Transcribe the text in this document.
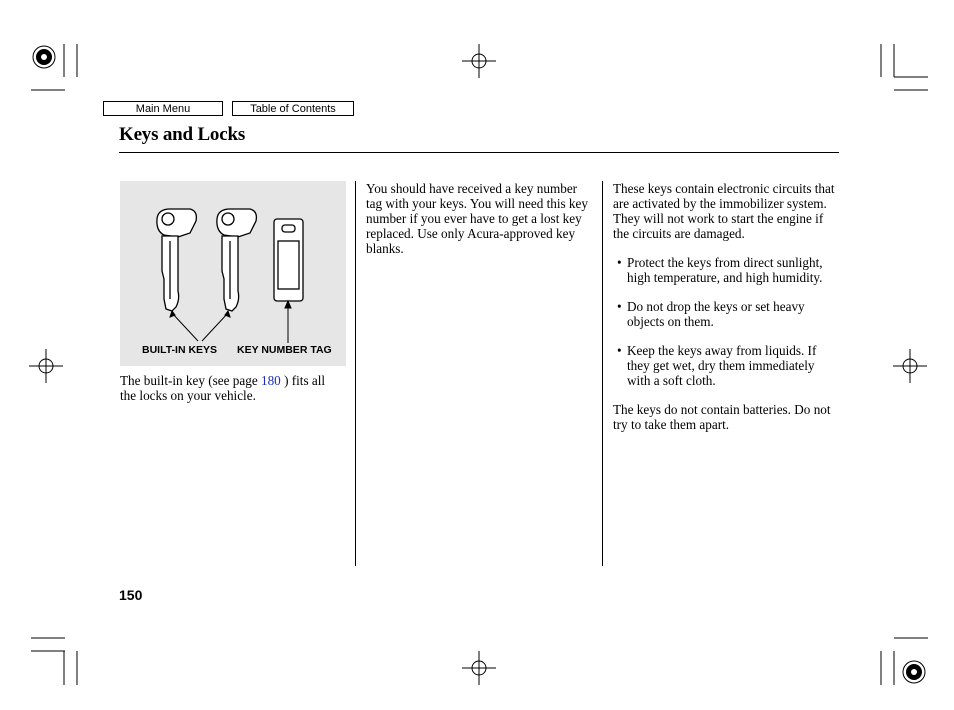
Main Menu	Table of Contents
Keys and Locks
BUILT-IN KEYS KEY NUMBER TAG

The built-in key (see page 180 ) fits all the locks on your vehicle.

You should have received a key number tag with your keys. You will need this key number if you ever have to get a lost key replaced. Use only Acura-approved key blanks.

These keys contain electronic circuits that are activated by the immobilizer system. They will not work to start the engine if the circuits are damaged.

• Protect the keys from direct sunlight, high temperature, and high humidity.
• Do not drop the keys or set heavy objects on them.
• Keep the keys away from liquids. If they get wet, dry them immediately with a soft cloth.

The keys do not contain batteries. Do not try to take them apart.

150
